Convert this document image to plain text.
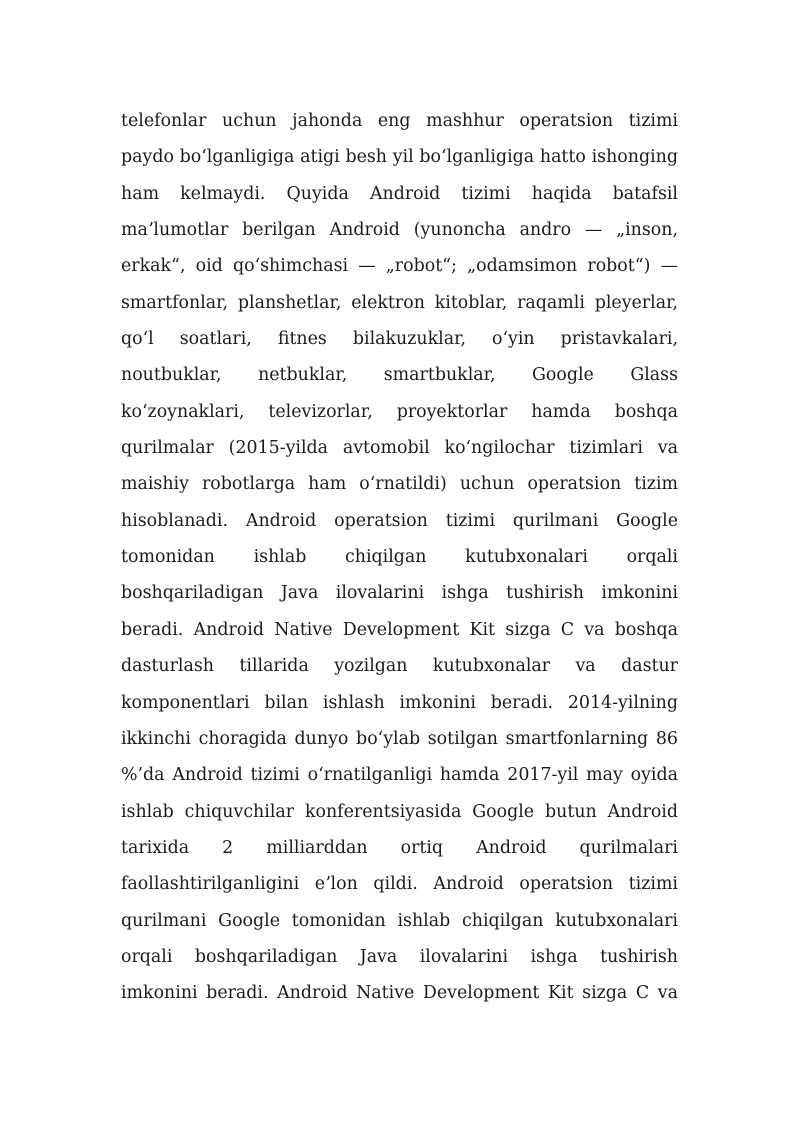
telefonlar uchun jahonda eng mashhur operatsion tizimi
paydo boʻlganligiga atigi besh yil boʻlganligiga hatto ishonging
ham kelmaydi. Quyida Android tizimi haqida batafsil
maʼlumotlar berilgan Android (yunoncha andro — „inson,
erkak“, oid qoʻshimchasi — „robot“; „odamsimon robot“) —
smartfonlar, planshetlar, elektron kitoblar, raqamli pleyerlar,
qoʻl soatlari, fitnes bilakuzuklar, oʻyin pristavkalari,
noutbuklar, netbuklar, smartbuklar, Google Glass
koʻzoynaklari, televizorlar, proyektorlar hamda boshqa
qurilmalar (2015-yilda avtomobil koʻngilochar tizimlari va
maishiy robotlarga ham oʻrnatildi) uchun operatsion tizim
hisoblanadi. Android operatsion tizimi qurilmani Google
tomonidan ishlab chiqilgan kutubxonalari orqali
boshqariladigan Java ilovalarini ishga tushirish imkonini
beradi. Android Native Development Kit sizga C va boshqa
dasturlash tillarida yozilgan kutubxonalar va dastur
komponentlari bilan ishlash imkonini beradi. 2014-yilning
ikkinchi choragida dunyo boʻylab sotilgan smartfonlarning 86
%’da Android tizimi oʻrnatilganligi hamda 2017-yil may oyida
ishlab chiquvchilar konferentsiyasida Google butun Android
tarixida 2 milliarddan ortiq Android qurilmalari
faollashtirilganligini eʼlon qildi. Android operatsion tizimi
qurilmani Google tomonidan ishlab chiqilgan kutubxonalari
orqali boshqariladigan Java ilovalarini ishga tushirish
imkonini beradi. Android Native Development Kit sizga C va
